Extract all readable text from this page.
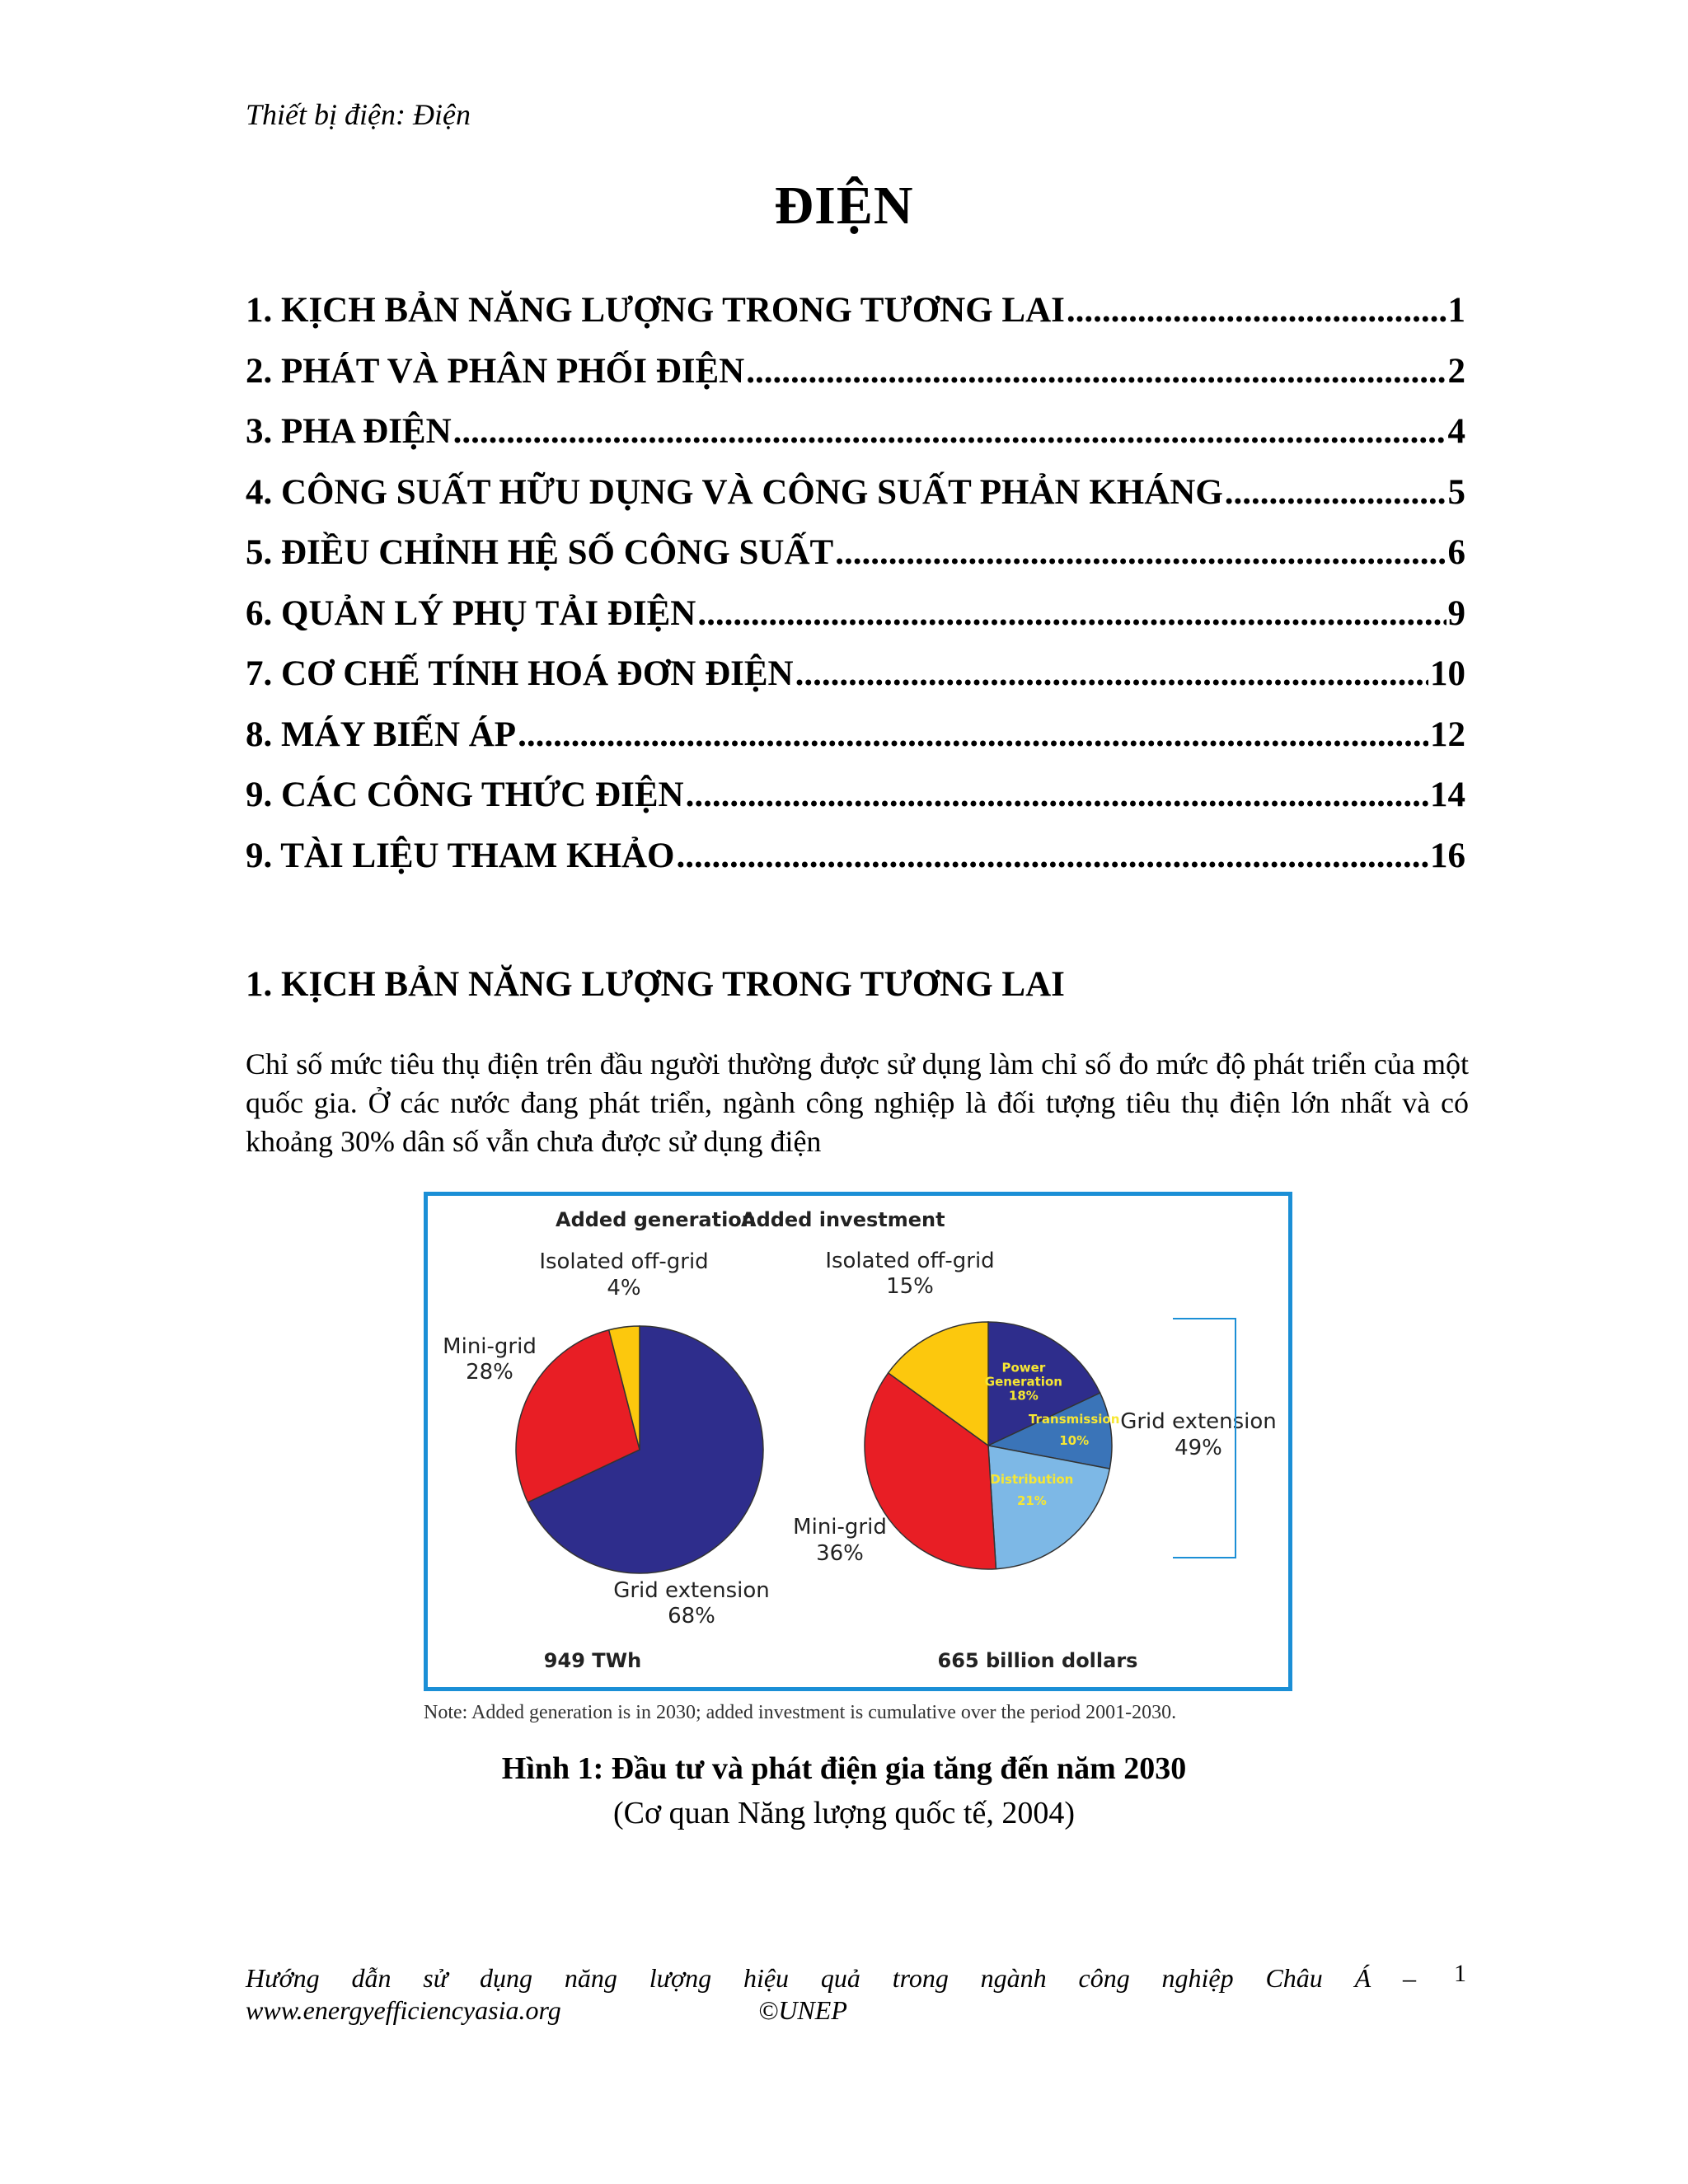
Thiết bị điện: Điện
ĐIỆN
1. KỊCH BẢN NĂNG LƯỢNG TRONG TƯƠNG LAI .....	1
2. PHÁT VÀ PHÂN PHỐI ĐIỆN .....	2
3. PHA ĐIỆN .....	4
4. CÔNG SUẤT HỮU DỤNG VÀ CÔNG SUẤT PHẢN KHÁNG .....	5
5. ĐIỀU CHỈNH HỆ SỐ CÔNG SUẤT .....	6
6. QUẢN LÝ PHỤ TẢI ĐIỆN .....	9
7. CƠ CHẾ TÍNH HOÁ ĐƠN ĐIỆN .....	10
8. MÁY BIẾN ÁP .....	12
9. CÁC CÔNG THỨC ĐIỆN .....	14
9. TÀI LIỆU THAM KHẢO .....	16
1. KỊCH BẢN NĂNG LƯỢNG TRONG TƯƠNG LAI
Chỉ số mức tiêu thụ điện trên đầu người thường được sử dụng làm chỉ số đo mức độ phát triển của một quốc gia. Ở các nước đang phát triển, ngành công nghiệp là đối tượng tiêu thụ điện lớn nhất và có khoảng 30% dân số vẫn chưa được sử dụng điện
Added generation
Isolated off-grid
4%
Mini-grid
28%
Grid extension
68%
949 TWh
Added investment
Isolated off-grid
15%
Mini-grid
36%
Grid extension
49%
665 billion dollars
Power
Generation
18%
Transmission
10%
Distribution
21%
Note: Added generation is in 2030; added investment is cumulative over the period 2001-2030.
Hình 1: Đầu tư và phát điện gia tăng đến năm 2030
(Cơ quan Năng lượng quốc tế, 2004)
Hướng dẫn sử dụng năng lượng hiệu quả trong ngành công nghiệp Châu Á –
www.energyefficiencyasia.org	©UNEP
1
